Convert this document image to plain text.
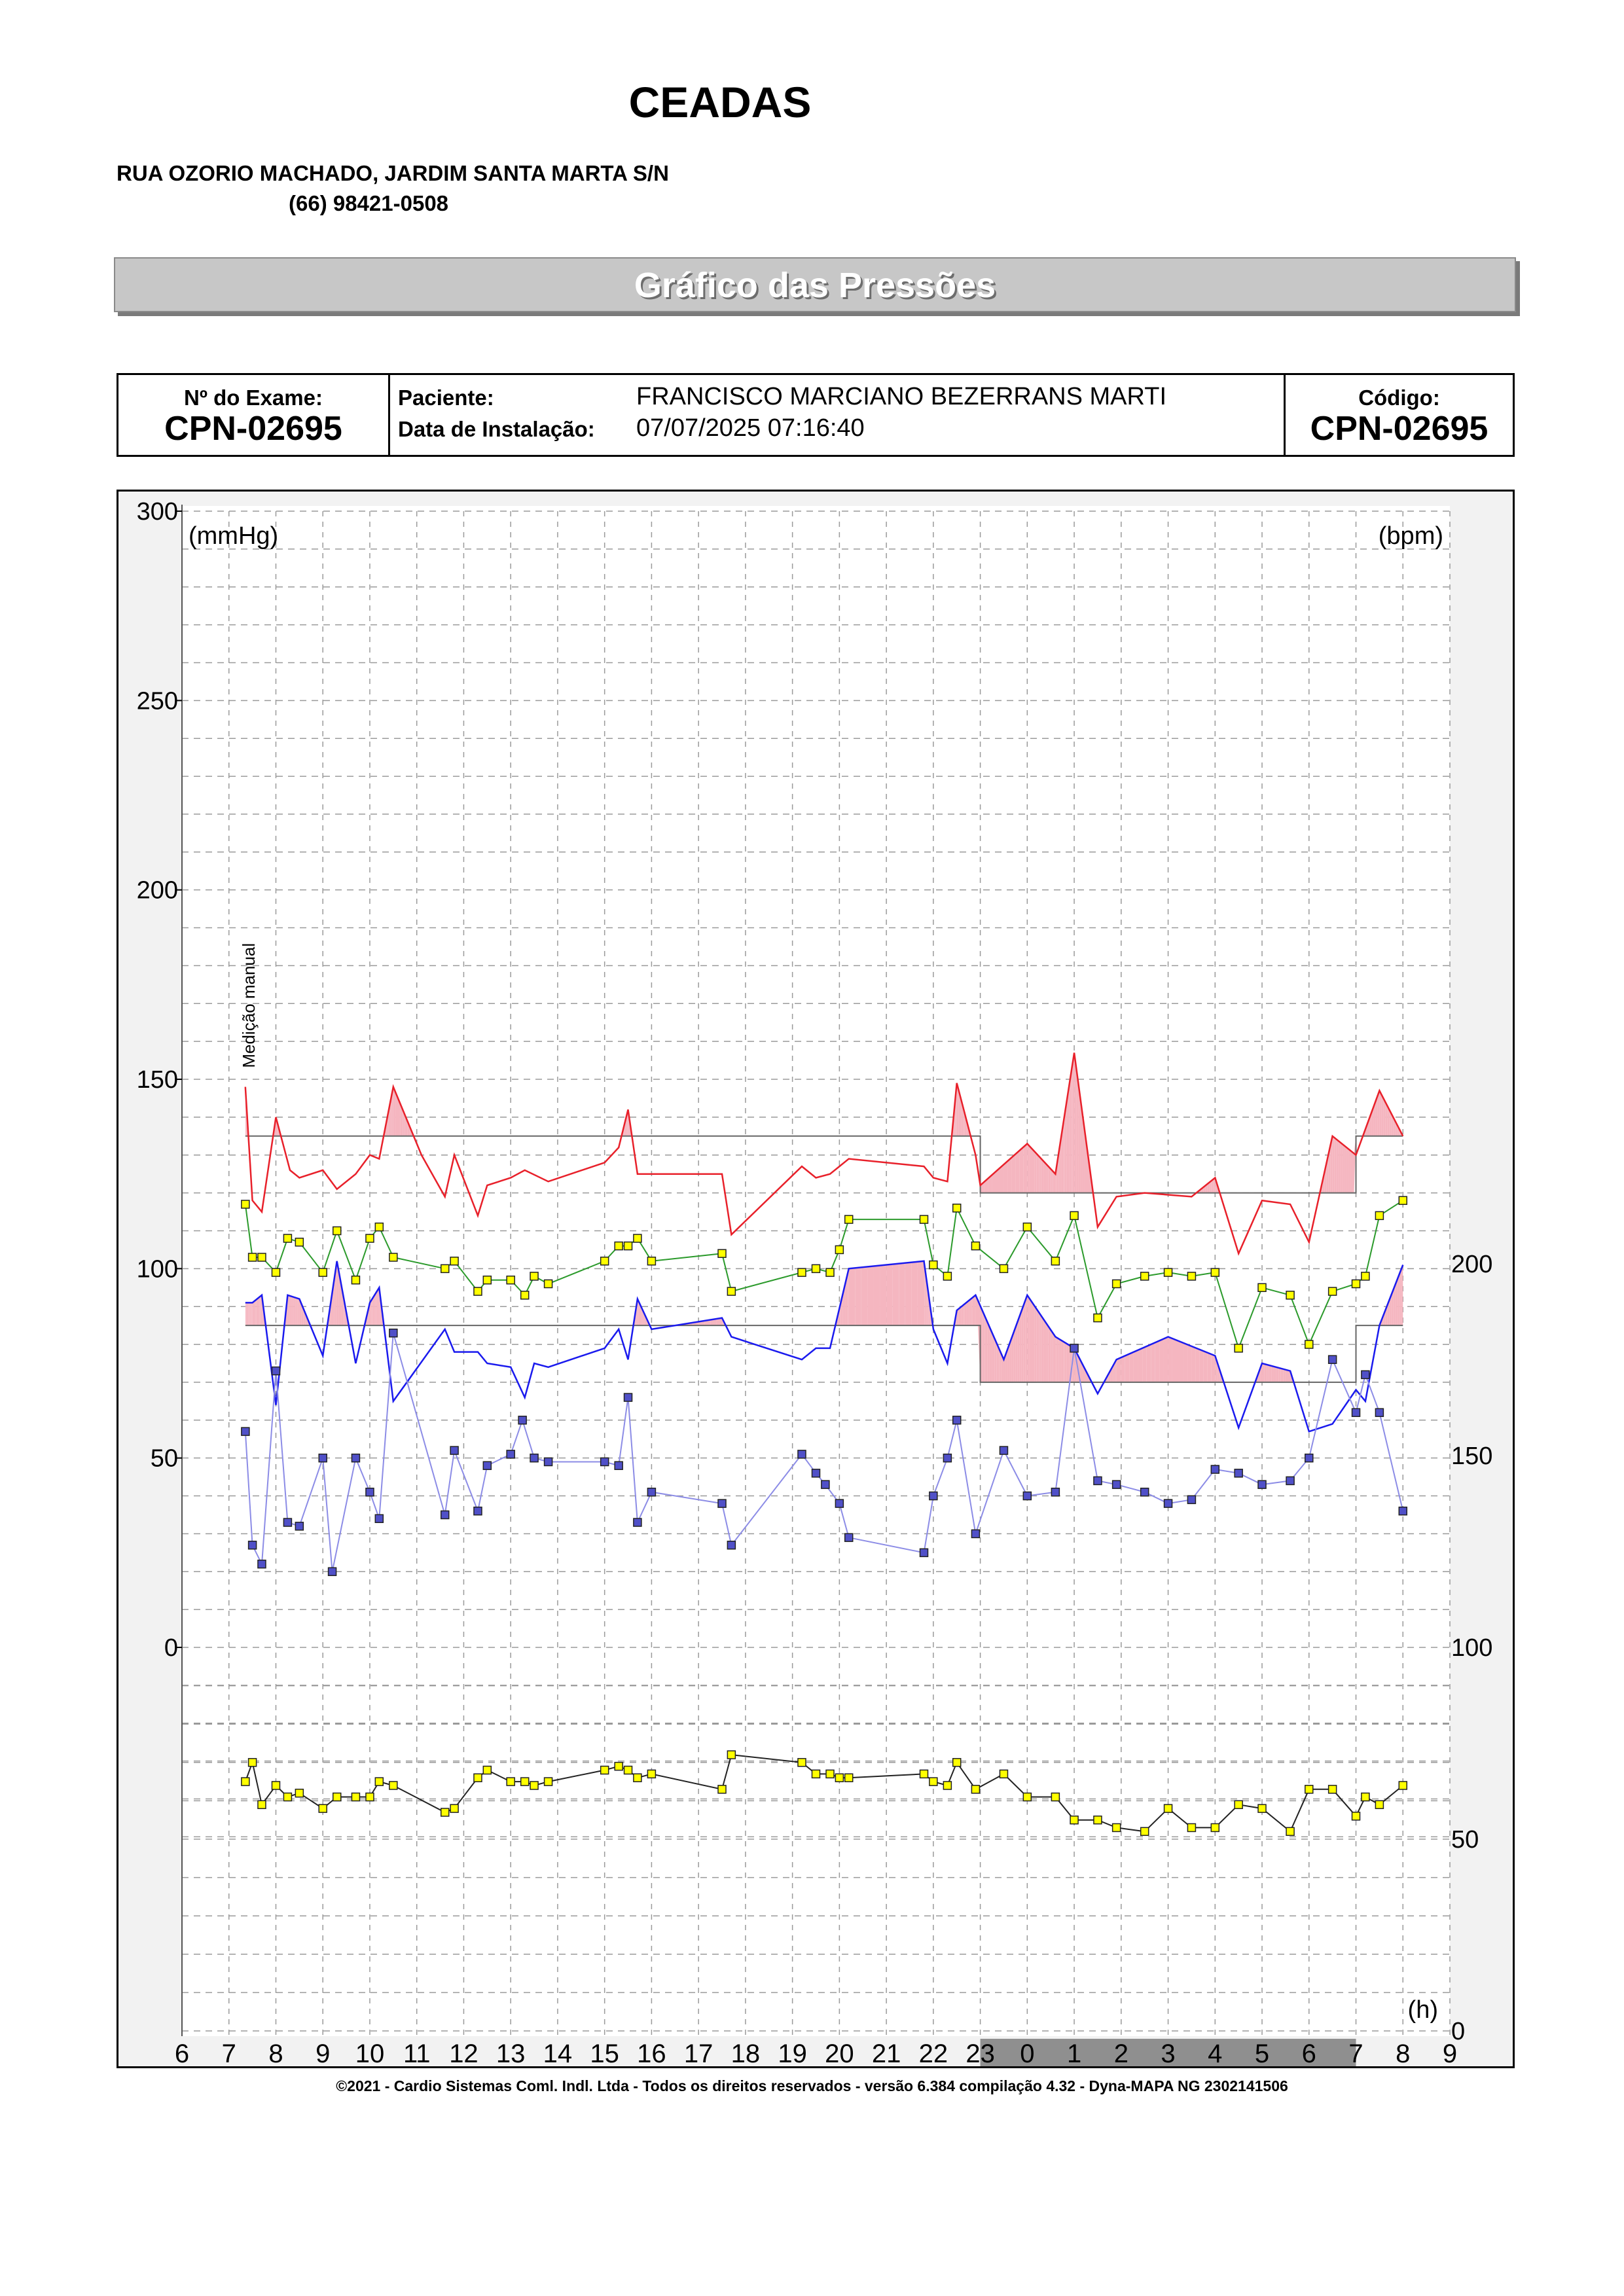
CEADAS
RUA OZORIO MACHADO, JARDIM SANTA MARTA S/N
(66) 98421-0508
Gráfico das Pressões
Nº do Exame:
CPN-02695
Paciente:	FRANCISCO MARCIANO BEZERRANS MARTI
Data de Instalação: 07/07/2025 07:16:40
Código:
CPN-02695
0
50
100
150
200
250
300
0
50
100
150
200
(mmHg)	(bpm)
(h)
Medição manual
6 7 8 9 10 11 12 13 14 15 16 17 18 19 20 21 22 23 0 1 2 3 4 5 6 7 8 9
©2021 - Cardio Sistemas Coml. Indl. Ltda - Todos os direitos reservados - versão 6.384 compilação 4.32 - Dyna-MAPA NG 2302141506
